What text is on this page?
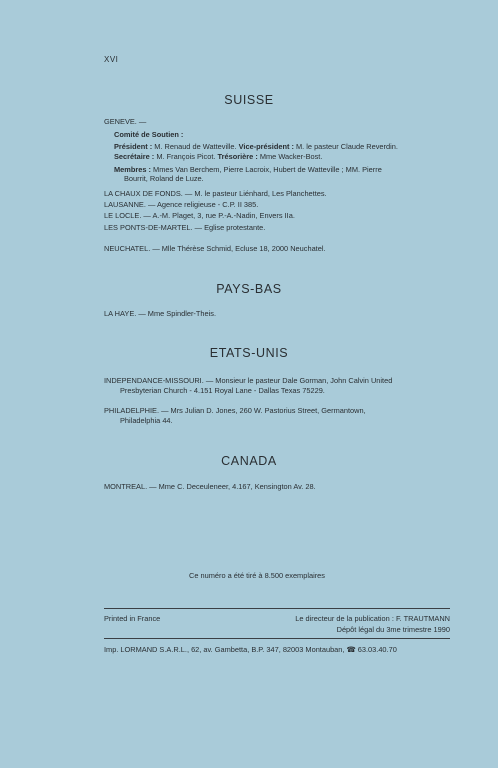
XVI
SUISSE
GENEVE. —
Comité de Soutien :
Président : M. Renaud de Watteville. Vice-président : M. le pasteur Claude Reverdin.
Secrétaire : M. François Picot. Trésorière : Mme Wacker-Bost.
Membres : Mmes Van Berchem, Pierre Lacroix, Hubert de Watteville ; MM. Pierre
Bourrit, Roland de Luze.
LA CHAUX DE FONDS. — M. le pasteur Liénhard, Les Planchettes.
LAUSANNE. — Agence religieuse - C.P. II 385.
LE LOCLE. — A.-M. Plaget, 3, rue P.-A.-Nadin, Envers IIa.
LES PONTS-DE-MARTEL. — Eglise protestante.
NEUCHATEL. — Mlle Thérèse Schmid, Ecluse 18, 2000 Neuchatel.
PAYS-BAS
LA HAYE. — Mme Spindler-Theis.
ETATS-UNIS
INDEPENDANCE-MISSOURI. — Monsieur le pasteur Dale Gorman, John Calvin United
Presbyterian Church - 4.151 Royal Lane - Dallas Texas 75229.
PHILADELPHIE. — Mrs Julian D. Jones, 260 W. Pastorius Street, Germantown,
Philadelphia 44.
CANADA
MONTREAL. — Mme C. Deceuleneer, 4.167, Kensington Av. 28.
Ce numéro a été tiré à 8.500 exemplaires
Printed in France	Le directeur de la publication : F. TRAUTMANN
Dépôt légal du 3me trimestre 1990
Imp. LORMAND S.A.R.L., 62, av. Gambetta, B.P. 347, 82003 Montauban, ☎ 63.03.40.70
